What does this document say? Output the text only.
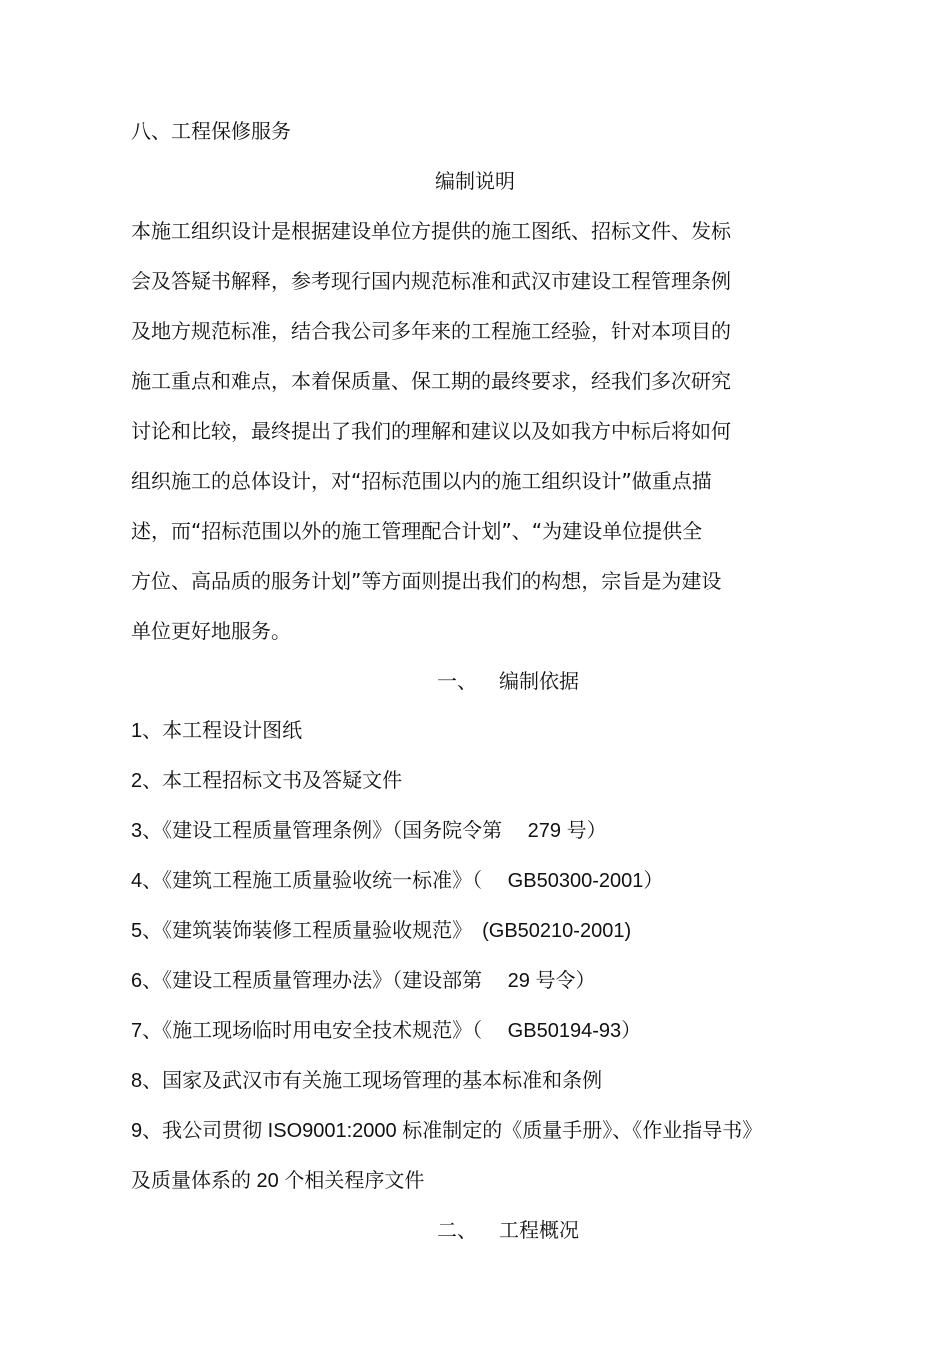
八、工程保修服务

编制说明

本施工组织设计是根据建设单位方提供的施工图纸、招标文件、发标

会及答疑书解释，参考现行国内规范标准和武汉市建设工程管理条例

及地方规范标准，结合我公司多年来的工程施工经验，针对本项目的

施工重点和难点，本着保质量、保工期的最终要求，经我们多次研究

讨论和比较，最终提出了我们的理解和建议以及如我方中标后将如何

组织施工的总体设计，对“招标范围以内的施工组织设计”做重点描

述，而“招标范围以外的施工管理配合计划”、“为建设单位提供全

方位、高品质的服务计划”等方面则提出我们的构想，宗旨是为建设

单位更好地服务。

一、 编制依据

1、本工程设计图纸

2、本工程招标文书及答疑文件

3、《建设工程质量管理条例》（国务院令第　 279 号）

4、《建筑工程施工质量验收统一标准》（　 GB50300-2001）

5、《建筑装饰装修工程质量验收规范》　(GB50210-2001)

6、《建设工程质量管理办法》（建设部第　 29 号令）

7、《施工现场临时用电安全技术规范》（　 GB50194-93）

8、国家及武汉市有关施工现场管理的基本标准和条例

9、我公司贯彻 ISO9001:2000 标准制定的《质量手册》、《作业指导书》

及质量体系的 20 个相关程序文件

二、 工程概况
